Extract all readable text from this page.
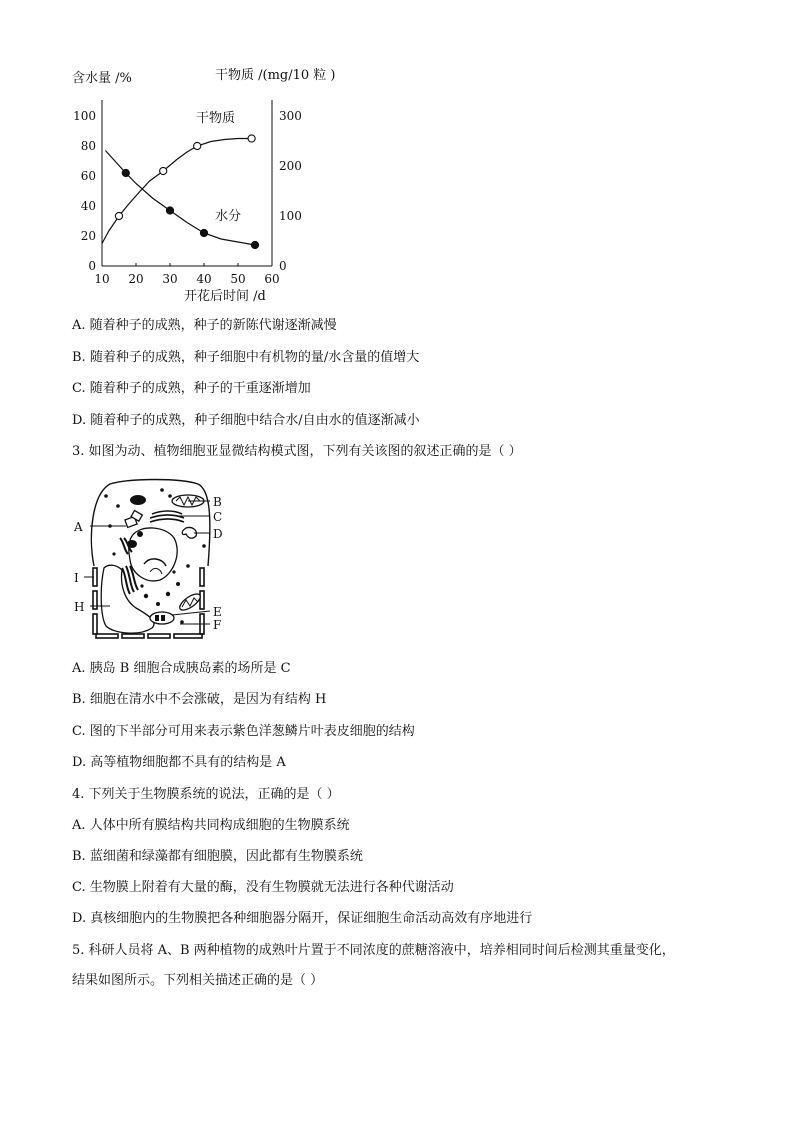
含水量 /%	干物质 /(mg/10 粒 )
10 20 30 40 50 60
0
20
40
60
80
100
0
100
200
300
干物质
水分
开花后时间 /d
A. 随着种子的成熟，种子的新陈代谢逐渐减慢
B. 随着种子的成熟，种子细胞中有机物的量/水含量的值增大
C. 随着种子的成熟，种子的干重逐渐增加
D. 随着种子的成熟，种子细胞中结合水/自由水的值逐渐减小
3. 如图为动、植物细胞亚显微结构模式图，下列有关该图的叙述正确的是（ ）
A
B
C
D
E
F
H
I
A. 胰岛 B 细胞合成胰岛素的场所是 C
B. 细胞在清水中不会涨破，是因为有结构 H
C. 图的下半部分可用来表示紫色洋葱鳞片叶表皮细胞的结构
D. 高等植物细胞都不具有的结构是 A
4. 下列关于生物膜系统的说法，正确的是（ ）
A. 人体中所有膜结构共同构成细胞的生物膜系统
B. 蓝细菌和绿藻都有细胞膜，因此都有生物膜系统
C. 生物膜上附着有大量的酶，没有生物膜就无法进行各种代谢活动
D. 真核细胞内的生物膜把各种细胞器分隔开，保证细胞生命活动高效有序地进行
5. 科研人员将 A、B 两种植物的成熟叶片置于不同浓度的蔗糖溶液中，培养相同时间后检测其重量变化，
结果如图所示。下列相关描述正确的是（ ）
